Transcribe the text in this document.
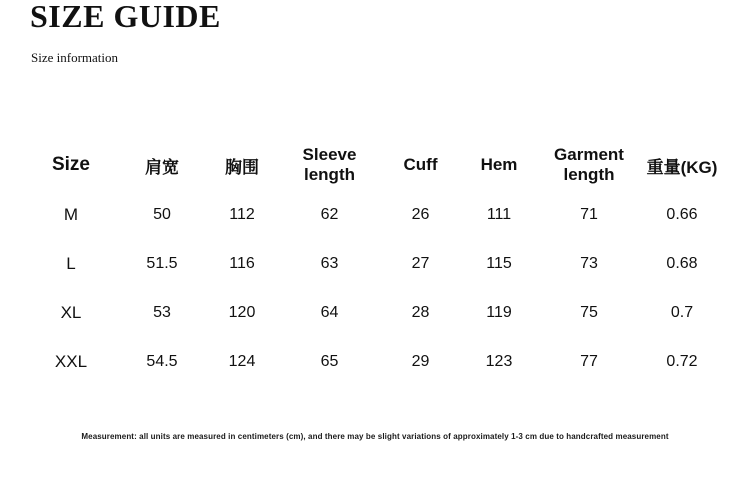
SIZE GUIDE
Size information
Size	肩宽	胸围	Sleeve length	Cuff	Hem	Garment length	重量(KG)
M	50	112	62	26	111	71	0.66
L	51.5	116	63	27	115	73	0.68
XL	53	120	64	28	119	75	0.7
XXL	54.5	124	65	29	123	77	0.72
Measurement: all units are measured in centimeters (cm), and there may be slight variations of approximately 1-3 cm due to handcrafted measurement
